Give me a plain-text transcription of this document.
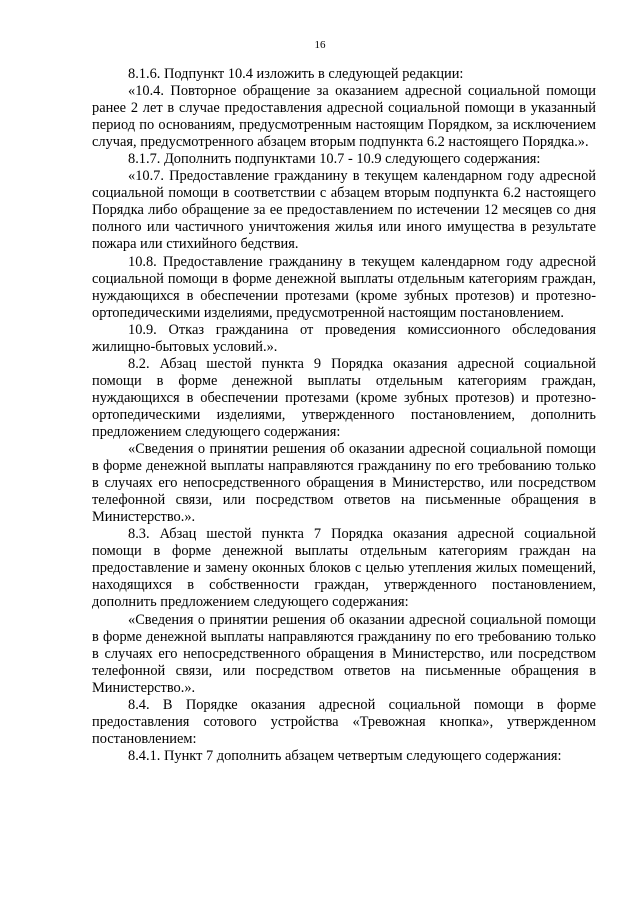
16

8.1.6. Подпункт 10.4 изложить в следующей редакции:

«10.4. Повторное обращение за оказанием адресной социальной помощи ранее 2 лет в случае предоставления адресной социальной помощи в указанный период по основаниям, предусмотренным настоящим Порядком, за исключением случая, предусмотренного абзацем вторым подпункта 6.2 настоящего Порядка.».

8.1.7. Дополнить подпунктами 10.7 - 10.9 следующего содержания:

«10.7. Предоставление гражданину в текущем календарном году адресной социальной помощи в соответствии с абзацем вторым подпункта 6.2 настоящего Порядка либо обращение за ее предоставлением по истечении 12 месяцев со дня полного или частичного уничтожения жилья или иного имущества в результате пожара или стихийного бедствия.

10.8. Предоставление гражданину в текущем календарном году адресной социальной помощи в форме денежной выплаты отдельным категориям граждан, нуждающихся в обеспечении протезами (кроме зубных протезов) и протезно-ортопедическими изделиями, предусмотренной настоящим постановлением.

10.9. Отказ гражданина от проведения комиссионного обследования жилищно-бытовых условий.».

8.2. Абзац шестой пункта 9 Порядка оказания адресной социальной помощи в форме денежной выплаты отдельным категориям граждан, нуждающихся в обеспечении протезами (кроме зубных протезов) и протезно-ортопедическими изделиями, утвержденного постановлением, дополнить предложением следующего содержания:

«Сведения о принятии решения об оказании адресной социальной помощи в форме денежной выплаты направляются гражданину по его требованию только в случаях его непосредственного обращения в Министерство, или посредством телефонной связи, или посредством ответов на письменные обращения в Министерство.».

8.3. Абзац шестой пункта 7 Порядка оказания адресной социальной помощи в форме денежной выплаты отдельным категориям граждан на предоставление и замену оконных блоков с целью утепления жилых помещений, находящихся в собственности граждан, утвержденного постановлением, дополнить предложением следующего содержания:

«Сведения о принятии решения об оказании адресной социальной помощи в форме денежной выплаты направляются гражданину по его требованию только в случаях его непосредственного обращения в Министерство, или посредством телефонной связи, или посредством ответов на письменные обращения в Министерство.».

8.4. В Порядке оказания адресной социальной помощи в форме предоставления сотового устройства «Тревожная кнопка», утвержденном постановлением:

8.4.1. Пункт 7 дополнить абзацем четвертым следующего содержания:
